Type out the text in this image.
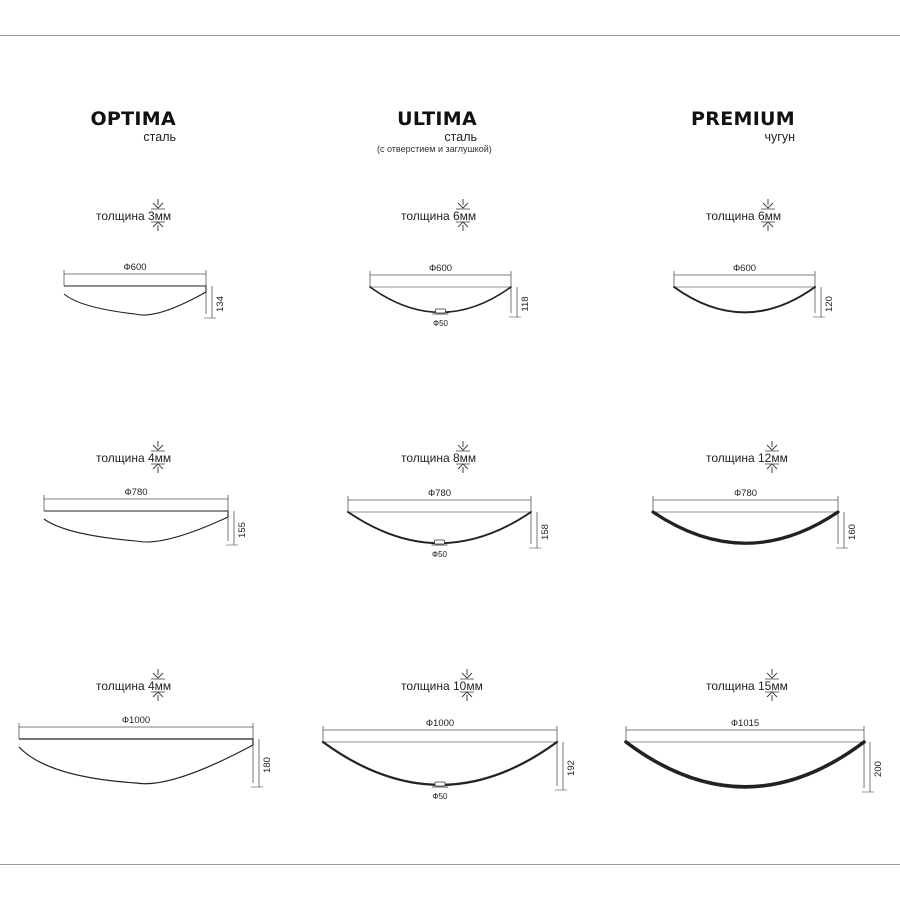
OPTIMA
сталь
ULTIMA
сталь
(с отверстием и заглушкой)
PREMIUM
чугун
толщина 3мм
Ф600
134
толщина 6мм
Ф600
118
Ф50
толщина 6мм
Ф600
120
толщина 4мм
Ф780
155
толщина 8мм
Ф780
158
Ф50
толщина 12мм
Ф780
160
толщина 4мм
Ф1000
180
толщина 10мм
Ф1000
192
Ф50
толщина 15мм
Ф1015
200
